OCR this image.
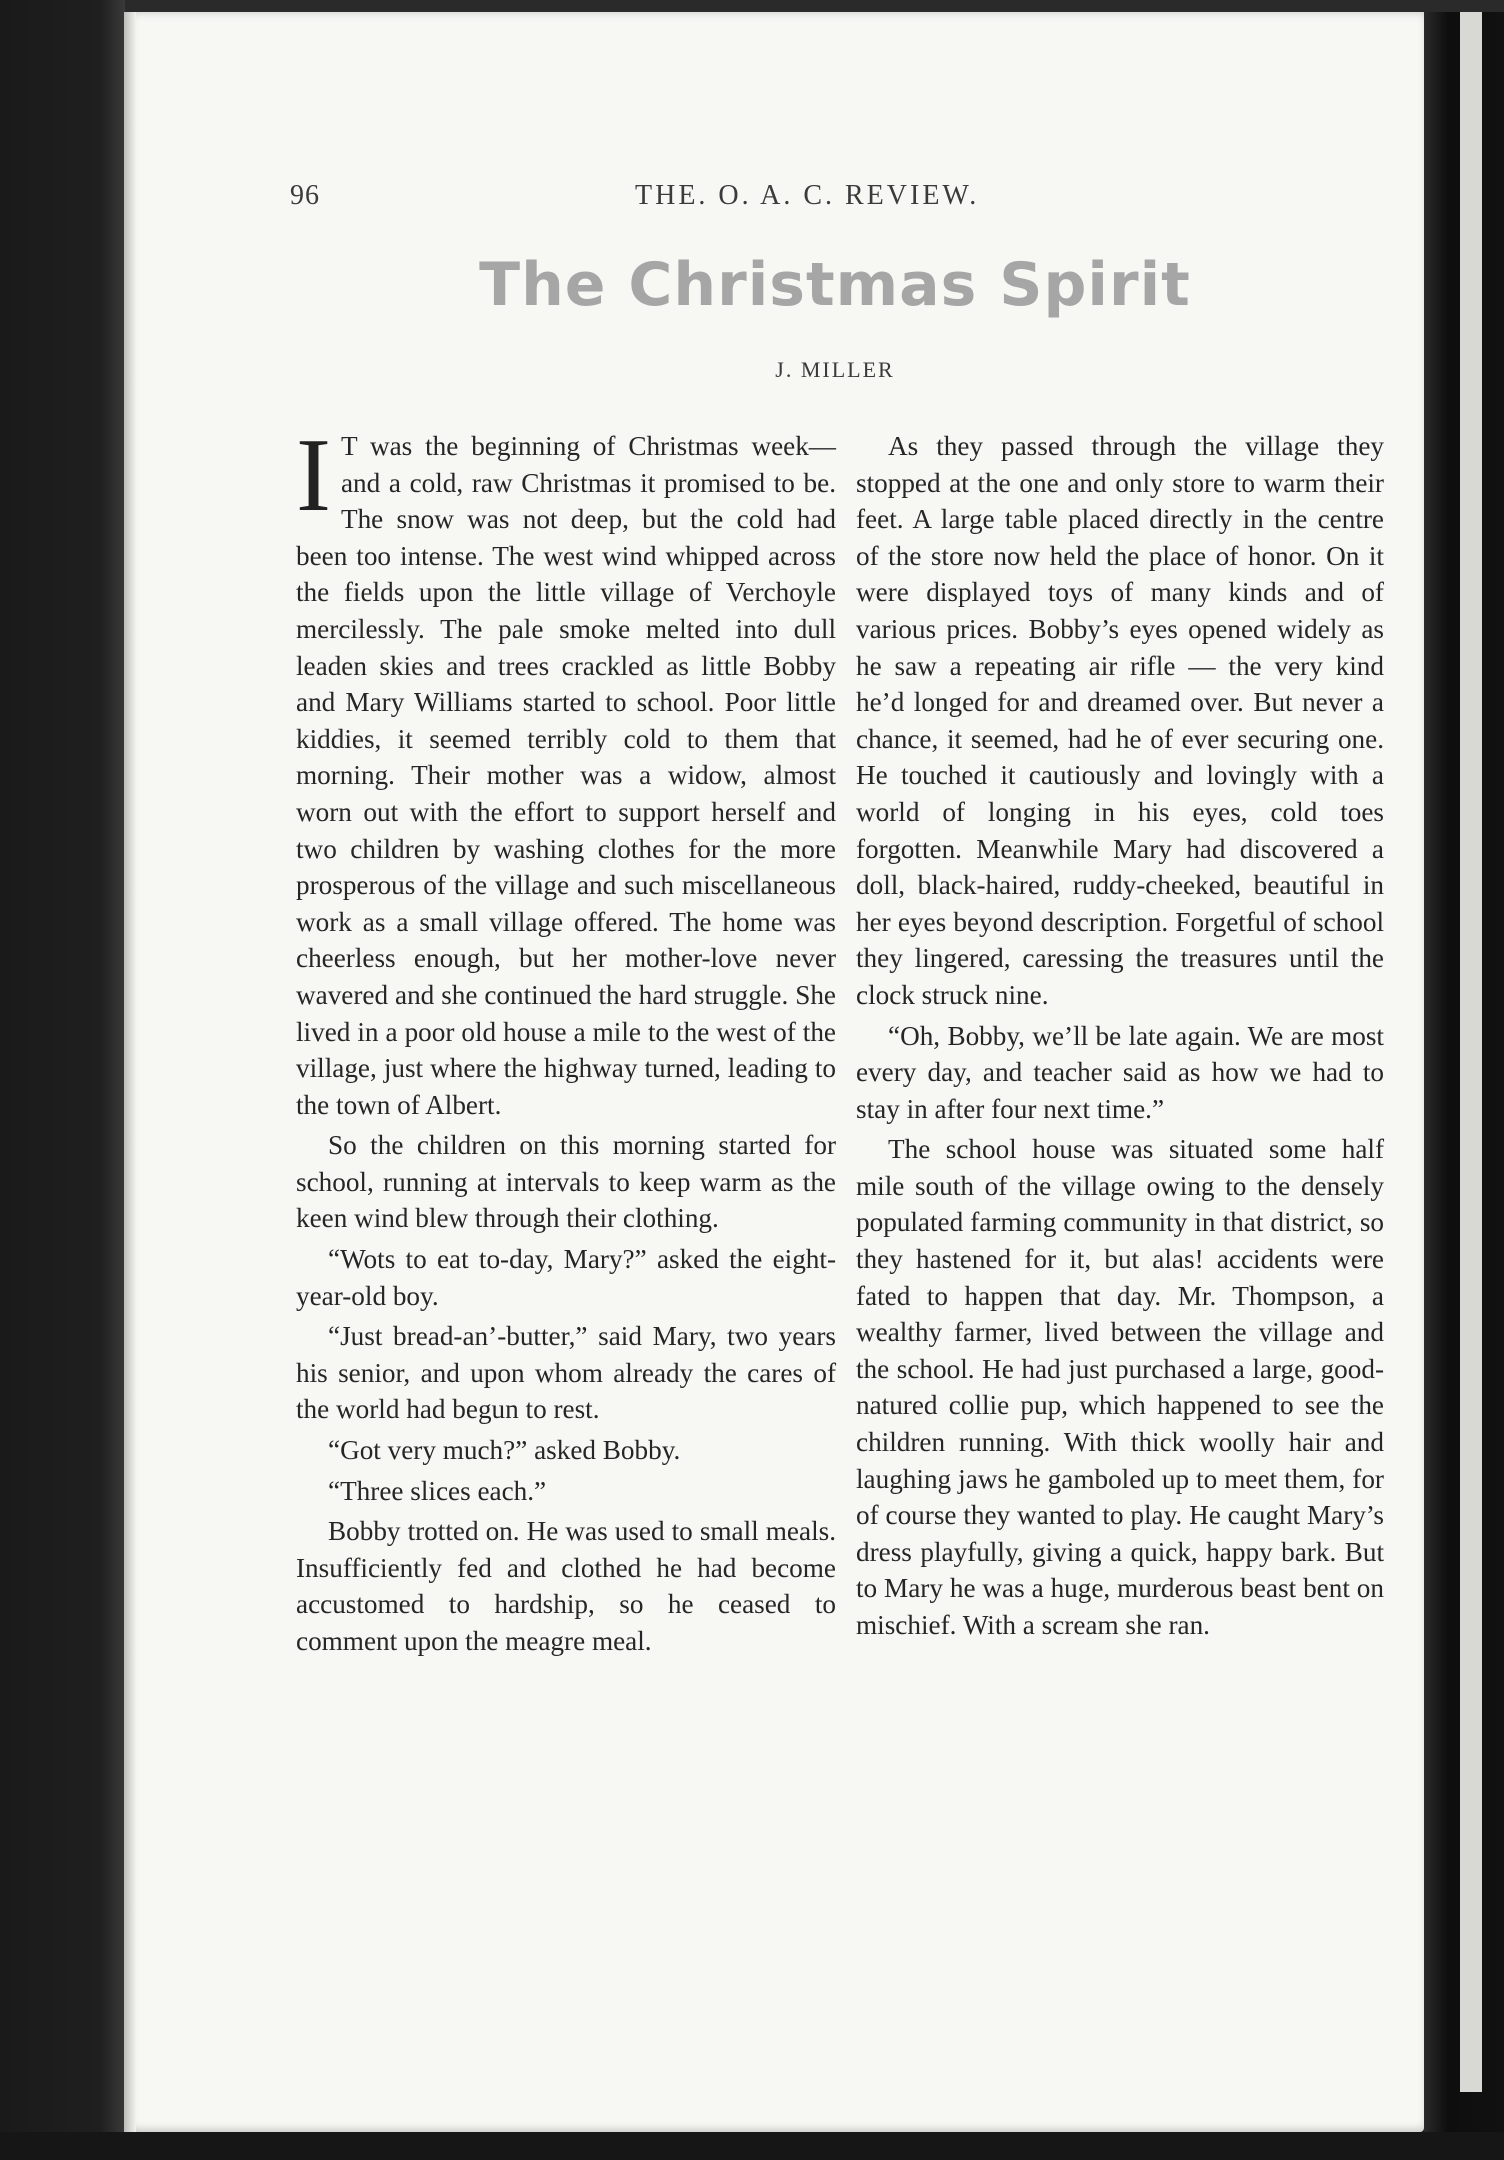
96	THE. O. A. C. REVIEW.
The Christmas Spirit
J. MILLER

I T was the beginning of Christmas week—and a cold, raw Christmas it promised to be. The snow was not deep, but the cold had been too intense. The west wind whipped across the fields upon the little village of Verchoyle mercilessly. The pale smoke melted into dull leaden skies and trees crackled as little Bobby and Mary Williams started to school. Poor little kiddies, it seemed terribly cold to them that morning. Their mother was a widow, almost worn out with the effort to support herself and two children by washing clothes for the more prosperous of the village and such miscellaneous work as a small village offered. The home was cheerless enough, but her mother-love never wavered and she continued the hard struggle. She lived in a poor old house a mile to the west of the village, just where the highway turned, leading to the town of Albert.

So the children on this morning started for school, running at intervals to keep warm as the keen wind blew through their clothing.

“Wots to eat to-day, Mary?” asked the eight-year-old boy.

“Just bread-an’-butter,” said Mary, two years his senior, and upon whom already the cares of the world had begun to rest.

“Got very much?” asked Bobby.

“Three slices each.”

Bobby trotted on. He was used to small meals. Insufficiently fed and clothed he had become accustomed to hardship, so he ceased to comment upon the meagre meal.

As they passed through the village they stopped at the one and only store to warm their feet. A large table placed directly in the centre of the store now held the place of honor. On it were displayed toys of many kinds and of various prices. Bobby’s eyes opened widely as he saw a repeating air rifle — the very kind he’d longed for and dreamed over. But never a chance, it seemed, had he of ever securing one. He touched it cautiously and lovingly with a world of longing in his eyes, cold toes forgotten. Meanwhile Mary had discovered a doll, black-haired, ruddy-cheeked, beautiful in her eyes beyond description. Forgetful of school they lingered, caressing the treasures until the clock struck nine.

“Oh, Bobby, we’ll be late again. We are most every day, and teacher said as how we had to stay in after four next time.”

The school house was situated some half mile south of the village owing to the densely populated farming community in that district, so they hastened for it, but alas! accidents were fated to happen that day. Mr. Thompson, a wealthy farmer, lived between the village and the school. He had just purchased a large, good-natured collie pup, which happened to see the children running. With thick woolly hair and laughing jaws he gamboled up to meet them, for of course they wanted to play. He caught Mary’s dress playfully, giving a quick, happy bark. But to Mary he was a huge, murderous beast bent on mischief. With a scream she ran.
